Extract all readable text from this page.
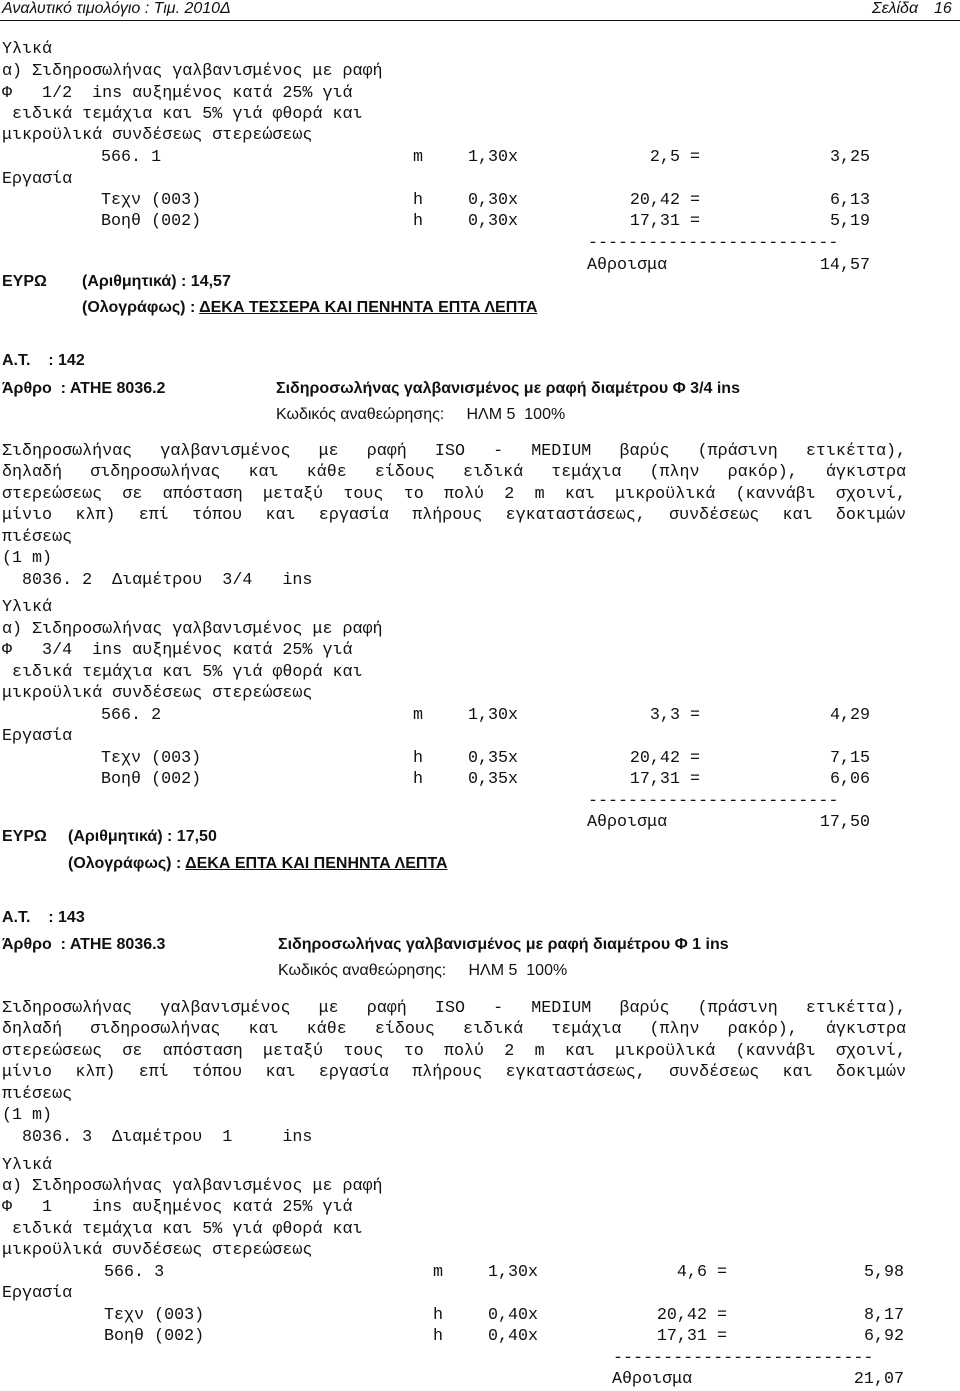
Αναλυτικό τιμολόγιο : Τιμ. 2010Δ	Σελίδα 16
Υλικά
α) Σιδηροσωλήνας γαλβανισμένος με ραφή
Φ   1/2  ins αυξημένος κατά 25% γιά
ειδικά τεμάχια και 5% γιά φθορά και
μικροϋλικά συνδέσεως στερεώσεως
566. 1	m	1,30x	2,5 =	3,25
Εργασία
Τεχν (003)	h	0,30x	20,42 =	6,13
Βοηθ (002)	h	0,30x	17,31 =	5,19
-------------------------
Αθροισμα	14,57
ΕΥΡΩ (Αριθμητικά) : 14,57
(Ολογράφως) : ΔΕΚΑ ΤΕΣΣΕΡΑ ΚΑΙ ΠΕΝΗΝΤΑ ΕΠΤΑ ΛΕΠΤΑ
Α.Τ.    : 142
Άρθρο  : ΑΤΗΕ 8036.2	Σιδηροσωλήνας γαλβανισμένος με ραφή διαμέτρου Φ 3/4 ins
Κωδικός αναθεώρησης:     ΗΛΜ 5  100%
Σιδηροσωλήνας γαλβανισμένος με ραφή ISO - MEDIUM βαρύς (πράσινη ετικέττα),
δηλαδή σιδηροσωλήνας και κάθε είδους ειδικά τεμάχια (πλην ρακόρ), άγκιστρα
στερεώσεως σε απόσταση μεταξύ τους το πολύ 2 m και μικροϋλικά (καννάβι σχοινί,
μίνιο κλπ) επί τόπου και εργασία πλήρους εγκαταστάσεως, συνδέσεως και δοκιμών
πιέσεως
(1 m)
8036. 2  Διαμέτρου  3/4   ins
Υλικά
α) Σιδηροσωλήνας γαλβανισμένος με ραφή
Φ   3/4  ins αυξημένος κατά 25% γιά
ειδικά τεμάχια και 5% γιά φθορά και
μικροϋλικά συνδέσεως στερεώσεως
566. 2	m	1,30x	3,3 =	4,29
Εργασία
Τεχν (003)	h	0,35x	20,42 =	7,15
Βοηθ (002)	h	0,35x	17,31 =	6,06
-------------------------
Αθροισμα	17,50
ΕΥΡΩ (Αριθμητικά) : 17,50
(Ολογράφως) : ΔΕΚΑ ΕΠΤΑ ΚΑΙ ΠΕΝΗΝΤΑ ΛΕΠΤΑ
Α.Τ.    : 143
Άρθρο  : ΑΤΗΕ 8036.3	Σιδηροσωλήνας γαλβανισμένος με ραφή διαμέτρου Φ 1 ins
Κωδικός αναθεώρησης:     ΗΛΜ 5  100%
Σιδηροσωλήνας γαλβανισμένος με ραφή ISO - MEDIUM βαρύς (πράσινη ετικέττα),
δηλαδή σιδηροσωλήνας και κάθε είδους ειδικά τεμάχια (πλην ρακόρ), άγκιστρα
στερεώσεως σε απόσταση μεταξύ τους το πολύ 2 m και μικροϋλικά (καννάβι σχοινί,
μίνιο κλπ) επί τόπου και εργασία πλήρους εγκαταστάσεως, συνδέσεως και δοκιμών
πιέσεως
(1 m)
8036. 3  Διαμέτρου  1     ins
Υλικά
α) Σιδηροσωλήνας γαλβανισμένος με ραφή
Φ   1    ins αυξημένος κατά 25% γιά
ειδικά τεμάχια και 5% γιά φθορά και
μικροϋλικά συνδέσεως στερεώσεως
566. 3	m	1,30x	4,6 =	5,98
Εργασία
Τεχν (003)	h	0,40x	20,42 =	8,17
Βοηθ (002)	h	0,40x	17,31 =	6,92
--------------------------
Αθροισμα	21,07
